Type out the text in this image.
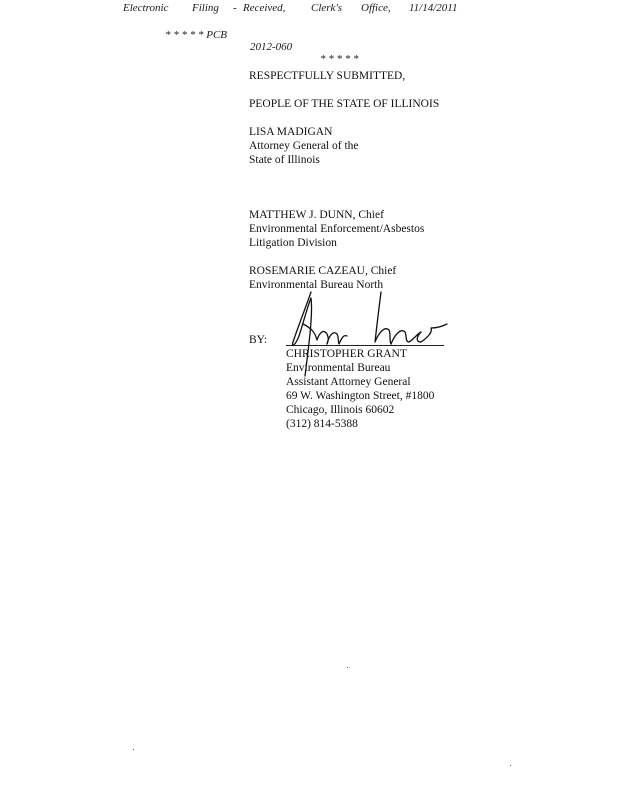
Electronic

Filing

-

Received,

Clerk's

Office,

11/14/2011

* * * * * PCB

2012-060

* * * * *

RESPECTFULLY SUBMITTED,
PEOPLE OF THE STATE OF ILLINOIS
LISA MADIGAN
Attorney General of the
State of Illinois
MATTHEW J. DUNN, Chief
Environmental Enforcement/Asbestos
Litigation Division
ROSEMARIE CAZEAU, Chief
Environmental Bureau North
BY:
CHRISTOPHER GRANT
Environmental Bureau
Assistant Attorney General
69 W. Washington Street, #1800
Chicago, Illinois 60602
(312) 814-5388
